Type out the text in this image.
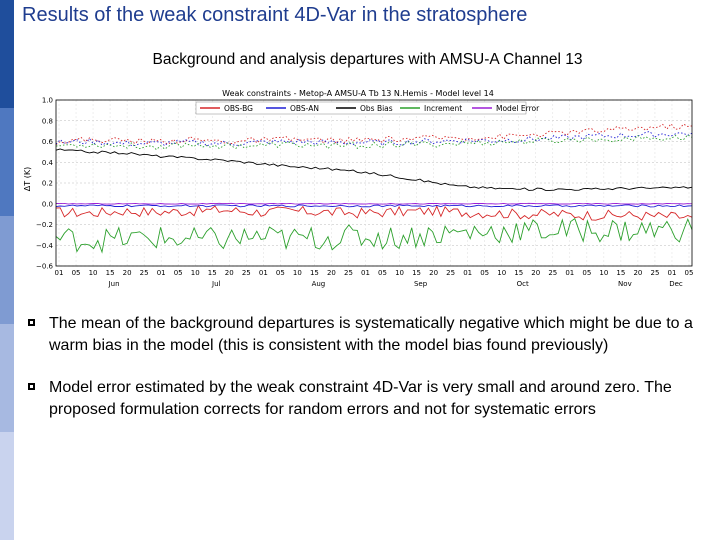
Results of the weak constraint 4D-Var in the stratosphere
Background and analysis departures with AMSU-A Channel 13
Weak constraints - Metop-A AMSU-A Tb 13 N.Hemis - Model level 14
ΔT (K)
OBS-BG	OBS-AN	Obs Bias	Increment	Model Error
1.0
0.8
0.6
0.4
0.2
0.0
−0.2
−0.4
−0.6
01 05 10 15 20 25 01 05 10 15 20 25 01 05 10 15 20 25 01 05 10 15 20 25 01 05 10 15 20 25 01 05 10 15 20 25 01 05
Jun	Jul	Aug	Sep	Oct	Nov	Dec
The mean of the background departures is systematically negative which might be due to a warm bias in the model (this is consistent with the model bias found previously)
Model error estimated by the weak constraint 4D-Var is very small and around zero. The proposed formulation corrects for random errors and not for systematic errors
